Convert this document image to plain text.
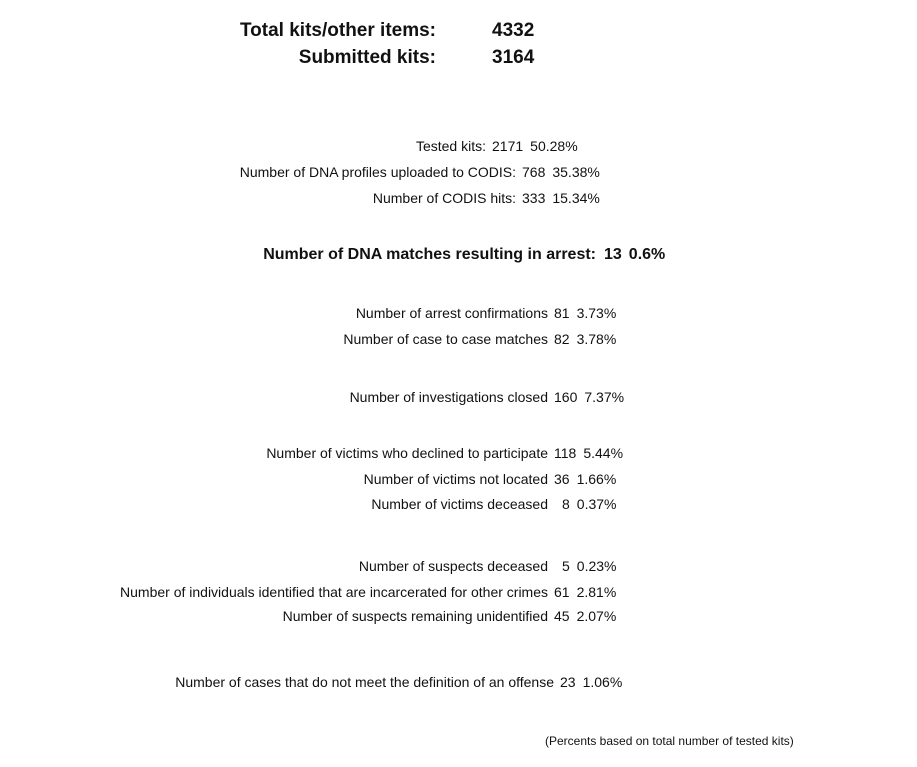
Total kits/other items:	4332
Submitted kits:	3164
Tested kits: 2171 50.28%
Number of DNA profiles uploaded to CODIS: 768 35.38%
Number of CODIS hits: 333 15.34%
Number of DNA matches resulting in arrest: 13 0.6%
Number of arrest confirmations 81 3.73%
Number of case to case matches 82 3.78%
Number of investigations closed 160 7.37%
Number of victims who declined to participate 118 5.44%
Number of victims not located 36 1.66%
Number of victims deceased 8 0.37%
Number of suspects deceased 5 0.23%
Number of individuals identified that are incarcerated for other crimes 61 2.81%
Number of suspects remaining unidentified 45 2.07%
Number of cases that do not meet the definition of an offense 23 1.06%
(Percents based on total number of tested kits)
